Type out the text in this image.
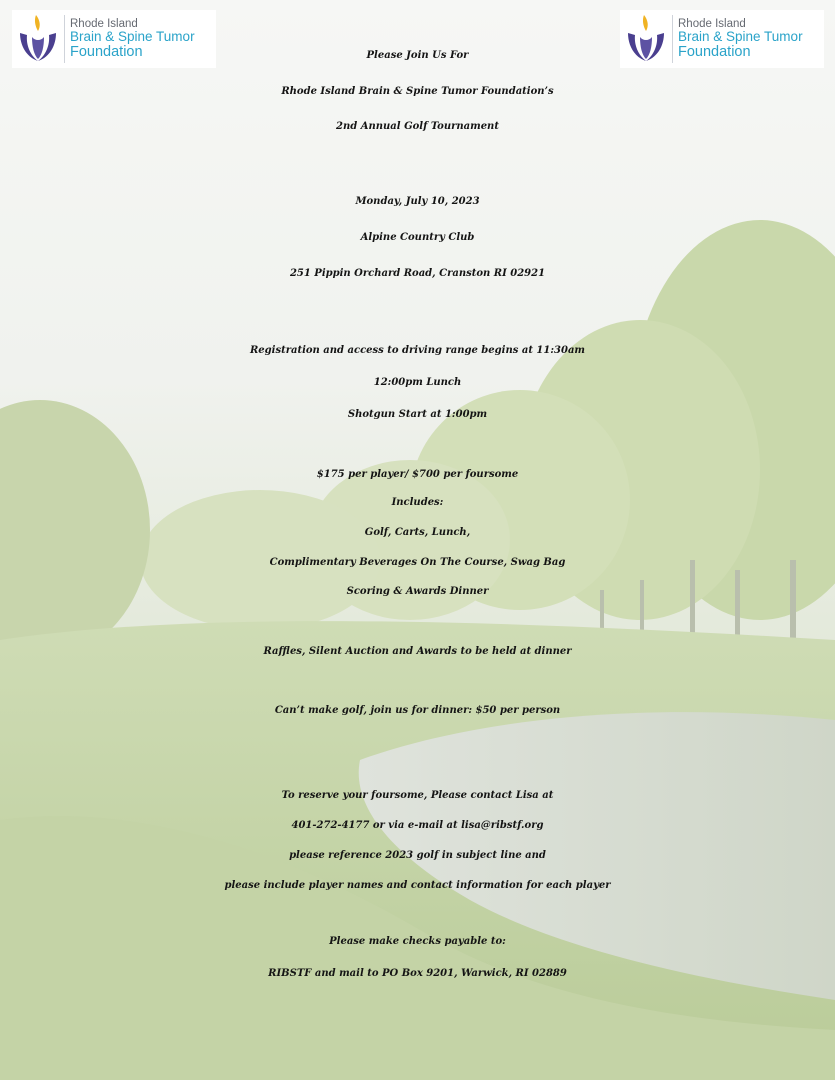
Rhode Island
Brain & Spine Tumor
Foundation
Rhode Island
Brain & Spine Tumor
Foundation
Please Join Us For
Rhode Island Brain & Spine Tumor Foundation’s
2nd Annual Golf Tournament
Monday, July 10, 2023
Alpine Country Club
251 Pippin Orchard Road, Cranston RI 02921
Registration and access to driving range begins at 11:30am
12:00pm Lunch
Shotgun Start at 1:00pm
$175 per player/ $700 per foursome
Includes:
Golf, Carts, Lunch,
Complimentary Beverages On The Course, Swag Bag
Scoring & Awards Dinner
Raffles, Silent Auction and Awards to be held at dinner
Can’t make golf, join us for dinner: $50 per person
To reserve your foursome, Please contact Lisa at
401-272-4177 or via e-mail at lisa@ribstf.org
please reference 2023 golf in subject line and
please include player names and contact information for each player
Please make checks payable to:
RIBSTF and mail to PO Box 9201, Warwick, RI 02889
